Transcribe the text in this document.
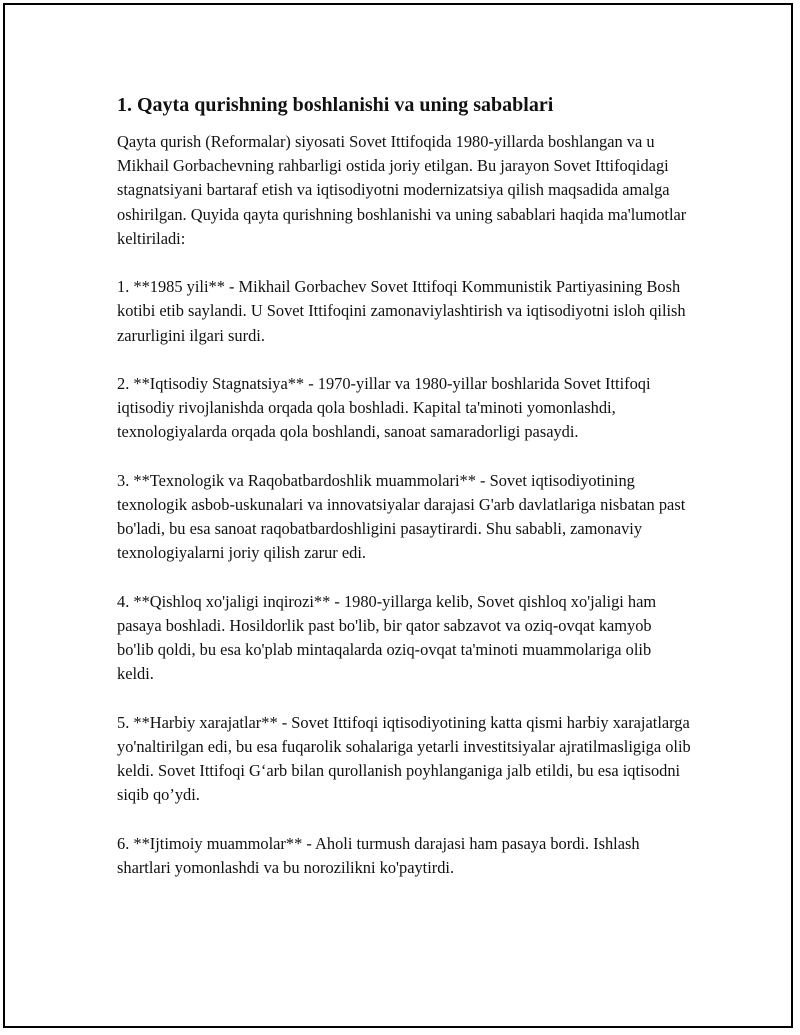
1. Qayta qurishning boshlanishi va uning sabablari

Qayta qurish (Reformalar) siyosati Sovet Ittifoqida 1980-yillarda boshlangan va u Mikhail Gorbachevning rahbarligi ostida joriy etilgan. Bu jarayon Sovet Ittifoqidagi stagnatsiyani bartaraf etish va iqtisodiyotni modernizatsiya qilish maqsadida amalga oshirilgan. Quyida qayta qurishning boshlanishi va uning sabablari haqida ma'lumotlar keltiriladi:

1. **1985 yili** - Mikhail Gorbachev Sovet Ittifoqi Kommunistik Partiyasining Bosh kotibi etib saylandi. U Sovet Ittifoqini zamonaviylashtirish va iqtisodiyotni isloh qilish zarurligini ilgari surdi.

2. **Iqtisodiy Stagnatsiya** - 1970-yillar va 1980-yillar boshlarida Sovet Ittifoqi iqtisodiy rivojlanishda orqada qola boshladi. Kapital ta'minoti yomonlashdi, texnologiyalarda orqada qola boshlandi, sanoat samaradorligi pasaydi.

3. **Texnologik va Raqobatbardoshlik muammolari** - Sovet iqtisodiyotining texnologik asbob-uskunalari va innovatsiyalar darajasi G'arb davlatlariga nisbatan past bo'ladi, bu esa sanoat raqobatbardoshligini pasaytirardi. Shu sababli, zamonaviy texnologiyalarni joriy qilish zarur edi.

4. **Qishloq xo'jaligi inqirozi** - 1980-yillarga kelib, Sovet qishloq xo'jaligi ham pasaya boshladi. Hosildorlik past bo'lib, bir qator sabzavot va oziq-ovqat kamyob bo'lib qoldi, bu esa ko'plab mintaqalarda oziq-ovqat ta'minoti muammolariga olib keldi.

5. **Harbiy xarajatlar** - Sovet Ittifoqi iqtisodiyotining katta qismi harbiy xarajatlarga yo'naltirilgan edi, bu esa fuqarolik sohalariga yetarli investitsiyalar ajratilmasligiga olib keldi. Sovet Ittifoqi G‘arb bilan qurollanish poyhlanganiga jalb etildi, bu esa iqtisodni siqib qo’ydi.

6. **Ijtimoiy muammolar** - Aholi turmush darajasi ham pasaya bordi. Ishlash shartlari yomonlashdi va bu norozilikni ko'paytirdi.
